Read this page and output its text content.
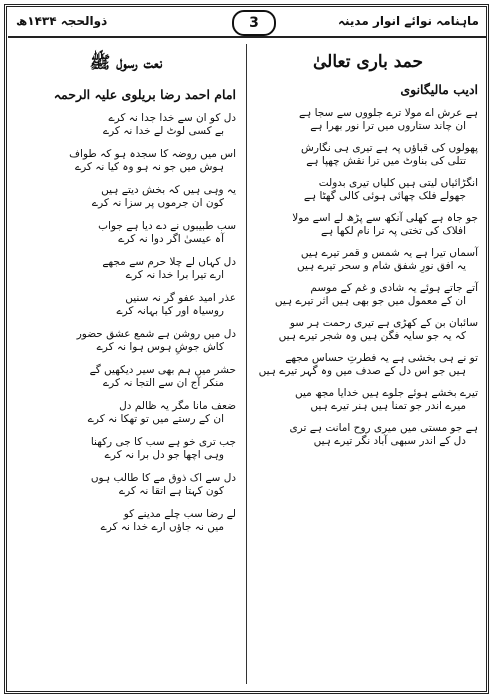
ذوالحجہ ۱۴۳۴ھ	3	ماہنامہ نوائے انوار مدینہ
حمد باری تعالیٰ
ادیب مالیگانوی
ہے عرش اے مولا ترے جلووں سے سجا ہے
ان چاند ستاروں میں ترا نور بھرا ہے
پھولوں کی قباؤں پہ ہے تیری ہی نگارش
تتلی کی بناوٹ میں ترا نقش چھپا ہے
انگڑائیاں لیتی ہیں کلیاں تیری بدولت
جھولے فلک چھائی ہوئی کالی گھٹا ہے
جو جاہ ہے کھلی آنکھ سے پڑھ لے اسے مولا
افلاک کی تختی پہ ترا نام لکھا ہے
آسماں تیرا ہے یہ شمس و قمر تیرے ہیں
یہ افق نورِ شفق شام و سحر تیرے ہیں
آتے جاتے ہوئے یہ شادی و غم کے موسم
ان کے معمول میں جو بھی ہیں اثر تیرے ہیں
سائبان بن کے کھڑی ہے تیری رحمت ہر سو
کہ یہ جو سایہ فگن ہیں وہ شجر تیرے ہیں
تو نے ہی بخشی ہے یہ فطرتِ حساس مجھے
ہیں جو اس دل کے صدف میں وہ گہر تیرے ہیں
تیرے بخشے ہوئے جلوے ہیں خدایا مجھ میں
میرے اندر جو تمنا ہیں ہنر تیرے ہیں
ہے جو مستی میں میری روح امانت ہے تری
دل کے اندر سبھی آباد نگر تیرے ہیں
نعت رسول ﷺ
امام احمد رضا بریلوی علیہ الرحمہ
دل کو ان سے خدا جدا نہ کرے
بے کسی لوٹ لے خدا نہ کرے
اس میں روضہ کا سجدہ ہو کہ طواف
ہوش میں جو نہ ہو وہ کیا نہ کرے
یہ وہی ہیں کہ بخش دیتے ہیں
کون ان جرموں پر سزا نہ کرے
سب طبیبوں نے دے دیا ہے جواب
آہ عیسیٰ اگر دوا نہ کرے
دل کہاں لے چلا حرم سے مجھے
ارے تیرا برا خدا نہ کرے
عذر امید عفو گر نہ سنیں
روسیاہ اور کیا بہانہ کرے
دل میں روشن ہے شمع عشق حضور
کاش جوشِ ہوس ہوا نہ کرے
حشر میں ہم بھی سیر دیکھیں گے
منکر آج ان سے التجا نہ کرے
ضعف مانا مگر یہ ظالم دل
ان کے رستے میں تو تھکا نہ کرے
جب تری خو ہے سب کا جی رکھنا
وہی اچھا جو دل برا نہ کرے
دل سے اک ذوق مے کا طالب ہوں
کون کہتا ہے اتقا نہ کرے
لے رضا سب چلے مدینے کو
میں نہ جاؤں ارے خدا نہ کرے
